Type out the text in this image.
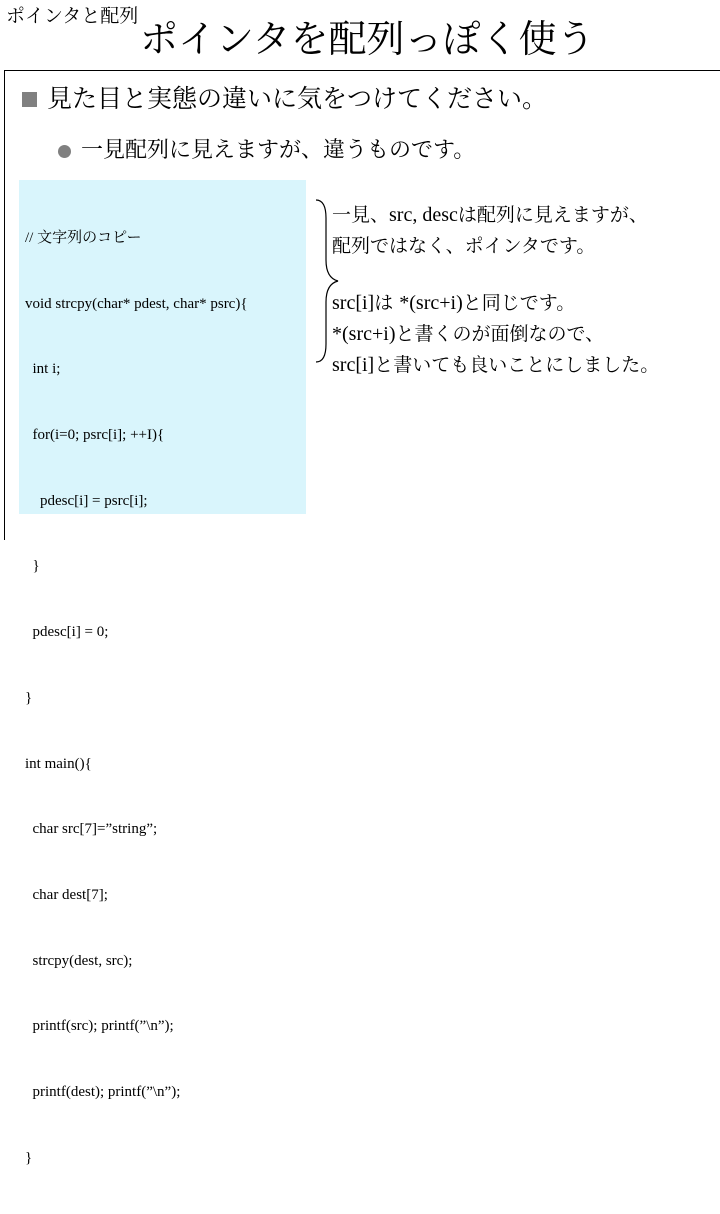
ポインタと配列
ポインタを配列っぽく使う
見た目と実態の違いに気をつけてください。
一見配列に見えますが、違うものです。

// 文字列のコピー

void strcpy(char* pdest, char* psrc){

int i;

for(i=0; psrc[i]; ++I){

pdesc[i] = psrc[i];

}

pdesc[i] = 0;

}

int main(){

char src[7]=”string”;

char dest[7];

strcpy(dest, src);

printf(src); printf(”\n”);

printf(dest); printf(”\n”);

}

一見、src, descは配列に見えますが、
配列ではなく、ポインタです。
src[i]は *(src+i)と同じです。
*(src+i)と書くのが面倒なので、
src[i]と書いても良いことにしました。
